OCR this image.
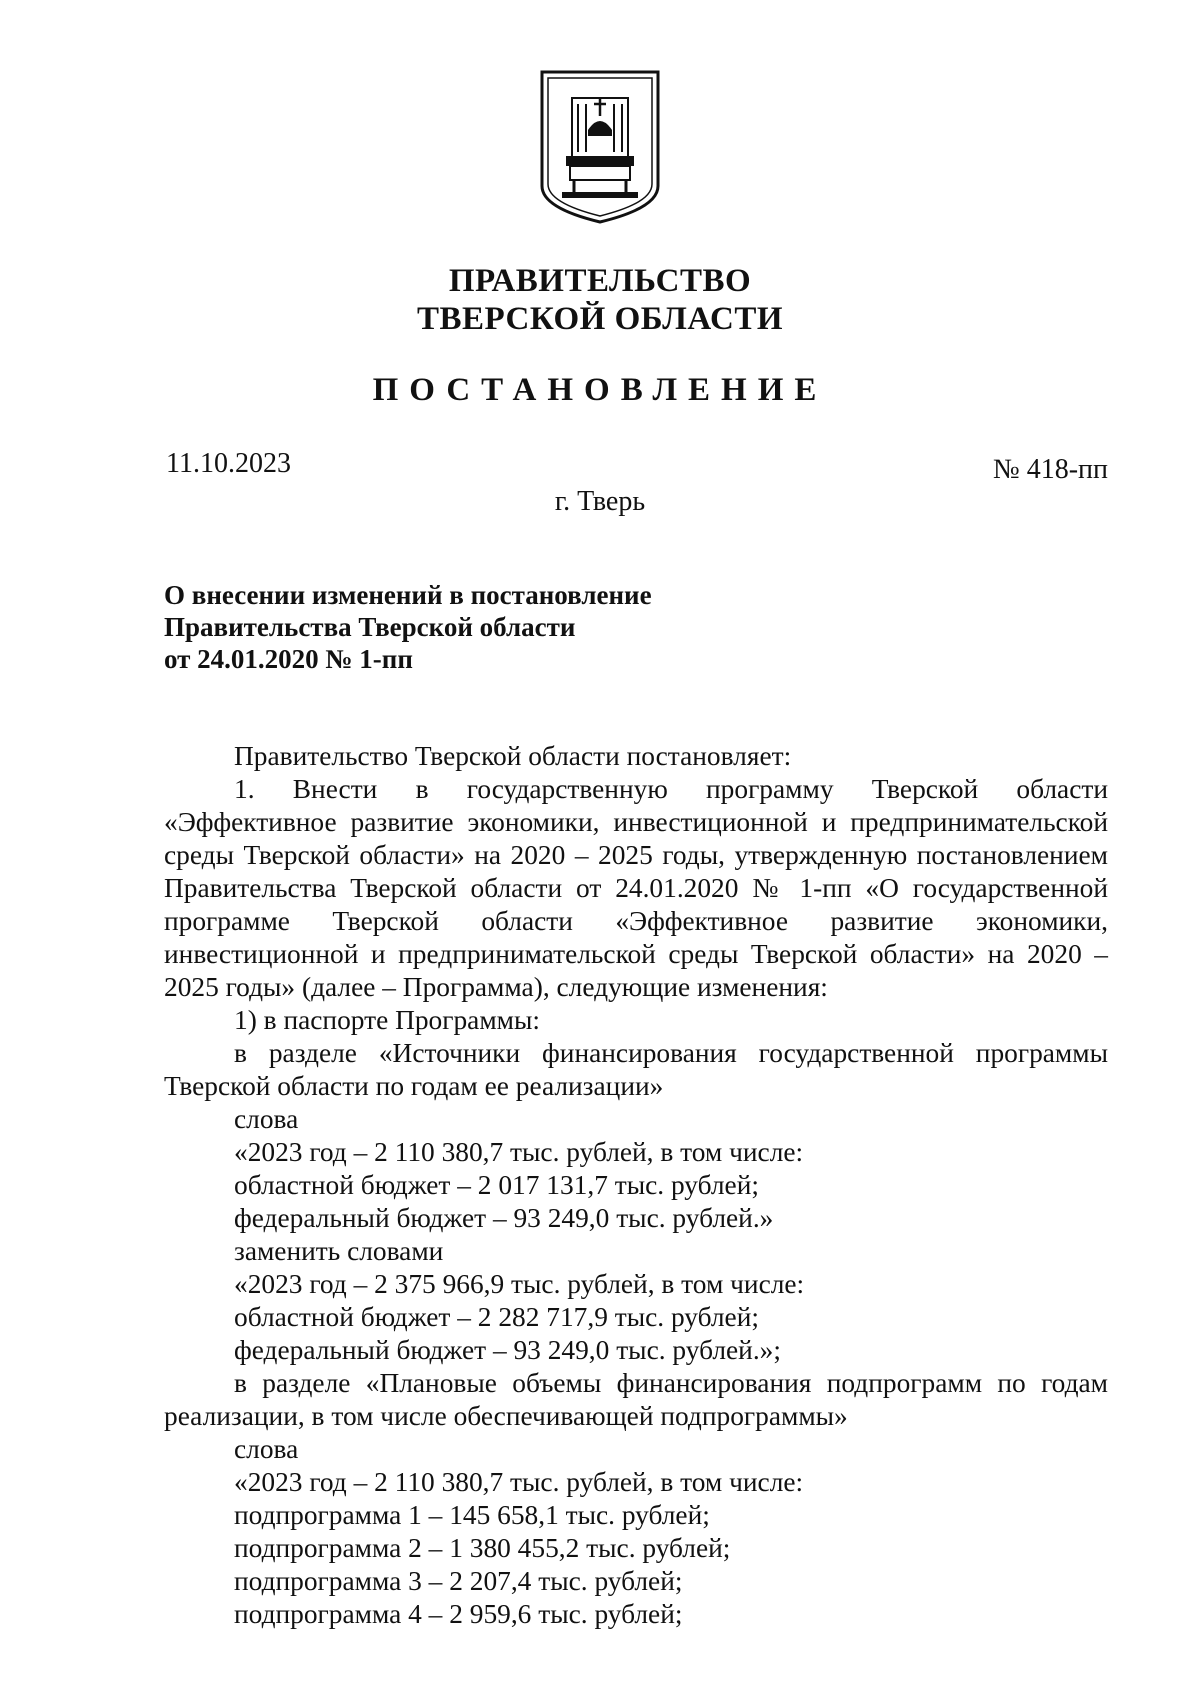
ПРАВИТЕЛЬСТВО
ТВЕРСКОЙ ОБЛАСТИ
ПОСТАНОВЛЕНИЕ
11.10.2023	№ 418-пп
г. Тверь
О внесении изменений в постановление
Правительства Тверской области
от 24.01.2020 № 1-пп
Правительство Тверской области постановляет:
1. Внести в государственную программу Тверской области
«Эффективное развитие экономики, инвестиционной и предпринимательской
среды Тверской области» на 2020 – 2025 годы, утвержденную постановлением
Правительства Тверской области от 24.01.2020 № 1-пп «О государственной
программе Тверской области «Эффективное развитие экономики,
инвестиционной и предпринимательской среды Тверской области» на 2020 –
2025 годы» (далее – Программа), следующие изменения:
1) в паспорте Программы:
в разделе «Источники финансирования государственной программы
Тверской области по годам ее реализации»
слова
«2023 год – 2 110 380,7 тыс. рублей, в том числе:
областной бюджет – 2 017 131,7 тыс. рублей;
федеральный бюджет – 93 249,0 тыс. рублей.»
заменить словами
«2023 год – 2 375 966,9 тыс. рублей, в том числе:
областной бюджет – 2 282 717,9 тыс. рублей;
федеральный бюджет – 93 249,0 тыс. рублей.»;
в разделе «Плановые объемы финансирования подпрограмм по годам
реализации, в том числе обеспечивающей подпрограммы»
слова
«2023 год – 2 110 380,7 тыс. рублей, в том числе:
подпрограмма 1 – 145 658,1 тыс. рублей;
подпрограмма 2 – 1 380 455,2 тыс. рублей;
подпрограмма 3 – 2 207,4 тыс. рублей;
подпрограмма 4 – 2 959,6 тыс. рублей;
